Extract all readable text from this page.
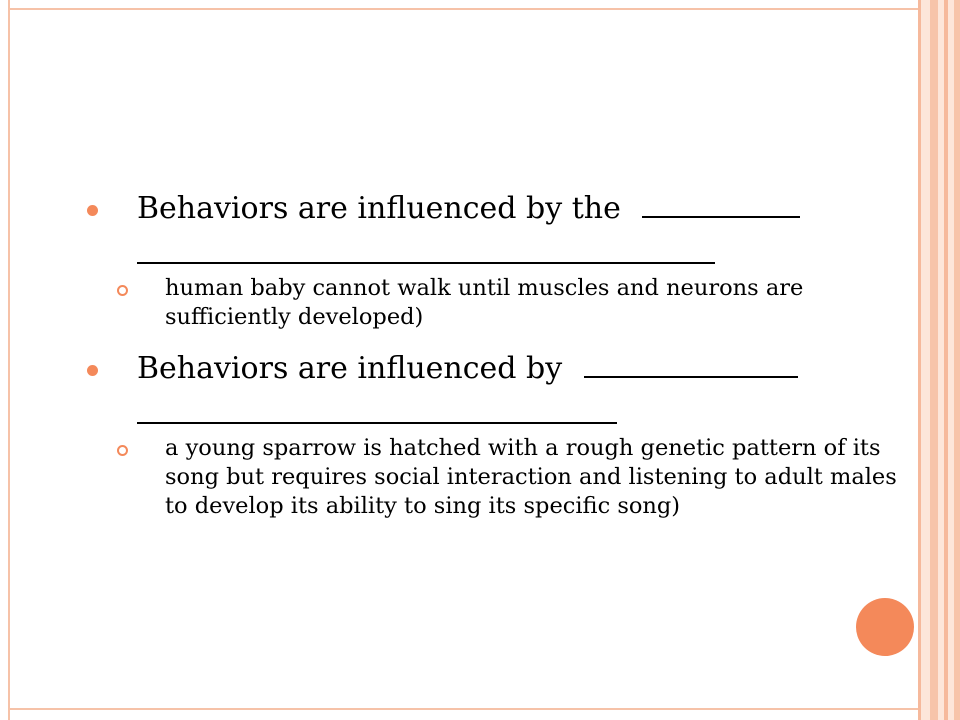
Behaviors are influenced by the
human baby cannot walk until muscles and neurons are sufficiently developed)
Behaviors are influenced by
a young sparrow is hatched with a rough genetic pattern of its song but requires social interaction and listening to adult males to develop its ability to sing its specific song)
